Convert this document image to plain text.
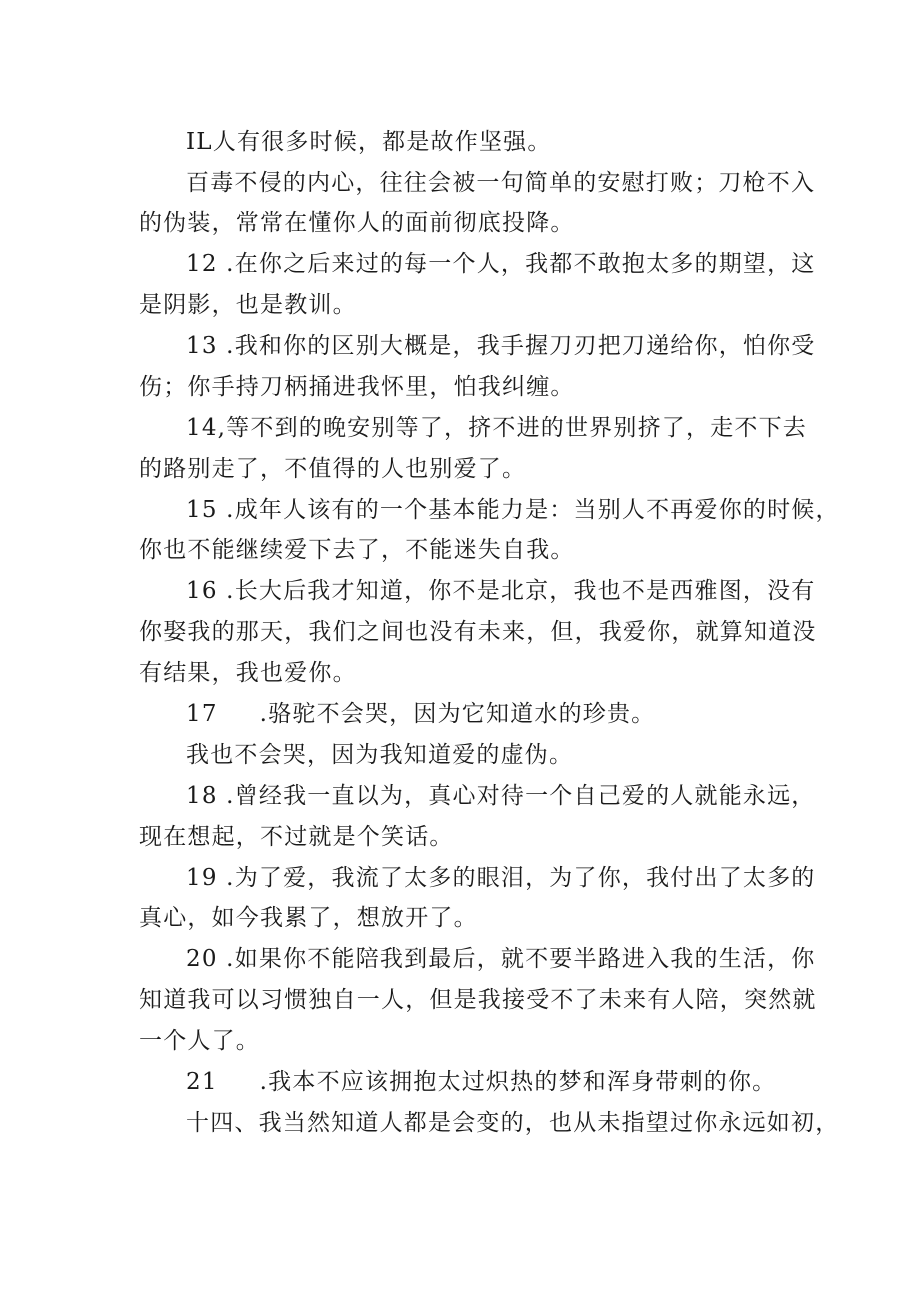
IL人有很多时候，都是故作坚强。
百毒不侵的内心，往往会被一句简单的安慰打败；刀枪不入
的伪装，常常在懂你人的面前彻底投降。
12 .在你之后来过的每一个人，我都不敢抱太多的期望，这
是阴影，也是教训。
13 .我和你的区别大概是，我手握刀刃把刀递给你，怕你受
伤；你手持刀柄捅进我怀里，怕我纠缠。
14,等不到的晚安别等了，挤不进的世界别挤了，走不下去
的路别走了，不值得的人也别爱了。
15 .成年人该有的一个基本能力是：当别人不再爱你的时候，
你也不能继续爱下去了，不能迷失自我。
16 .长大后我才知道，你不是北京，我也不是西雅图，没有
你娶我的那天，我们之间也没有未来，但，我爱你，就算知道没
有结果，我也爱你。
17 .骆驼不会哭，因为它知道水的珍贵。
我也不会哭，因为我知道爱的虚伪。
18 .曾经我一直以为，真心对待一个自己爱的人就能永远，
现在想起，不过就是个笑话。
19 .为了爱，我流了太多的眼泪，为了你，我付出了太多的
真心，如今我累了，想放开了。
20 .如果你不能陪我到最后，就不要半路进入我的生活，你
知道我可以习惯独自一人，但是我接受不了未来有人陪，突然就
一个人了。
21 .我本不应该拥抱太过炽热的梦和浑身带刺的你。
十四、我当然知道人都是会变的，也从未指望过你永远如初，
